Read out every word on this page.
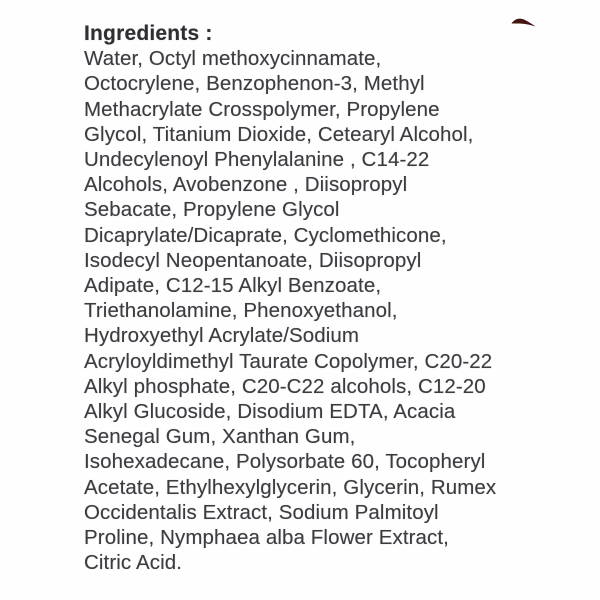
Ingredients :
Water, Octyl methoxycinnamate,
Octocrylene, Benzophenon-3, Methyl
Methacrylate Crosspolymer, Propylene
Glycol, Titanium Dioxide, Cetearyl Alcohol,
Undecylenoyl Phenylalanine , C14-22
Alcohols, Avobenzone , Diisopropyl
Sebacate, Propylene Glycol
Dicaprylate/Dicaprate, Cyclomethicone,
Isodecyl Neopentanoate, Diisopropyl
Adipate, C12-15 Alkyl Benzoate,
Triethanolamine, Phenoxyethanol,
Hydroxyethyl Acrylate/Sodium
Acryloyldimethyl Taurate Copolymer, C20-22
Alkyl phosphate, C20-C22 alcohols, C12-20
Alkyl Glucoside, Disodium EDTA, Acacia
Senegal Gum, Xanthan Gum,
Isohexadecane, Polysorbate 60, Tocopheryl
Acetate, Ethylhexylglycerin, Glycerin, Rumex
Occidentalis Extract, Sodium Palmitoyl
Proline, Nymphaea alba Flower Extract,
Citric Acid.
